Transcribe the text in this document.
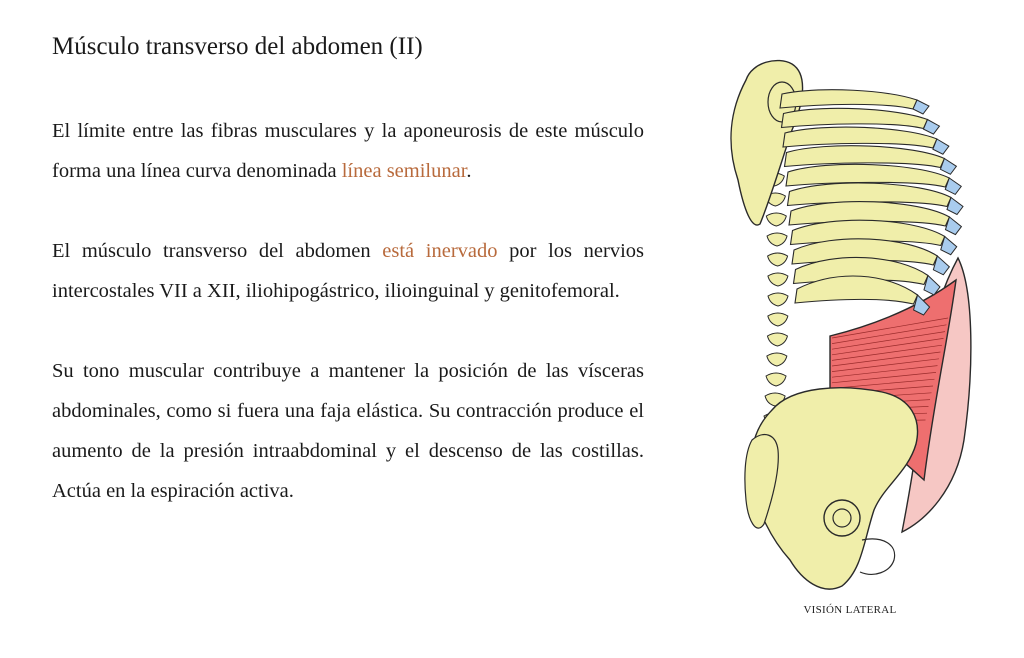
Músculo transverso del abdomen (II)

El límite entre las fibras musculares y la aponeurosis de este músculo forma una línea curva denominada línea semilunar.

El músculo transverso del abdomen está inervado por los nervios intercostales VII a XII, iliohipogástrico, ilioinguinal y genitofemoral.

Su tono muscular contribuye a mantener la posición de las vísceras abdominales, como si fuera una faja elástica. Su contracción produce el aumento de la presión intraabdominal y el descenso de las costillas. Actúa en la espiración activa.

VISIÓN LATERAL
